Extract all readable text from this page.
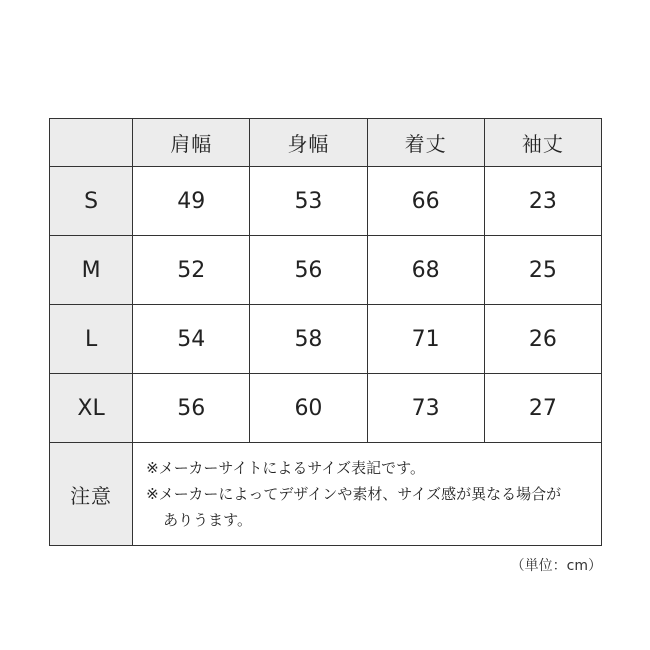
	肩幅	身幅	着丈	袖丈
S	49	53	66	23
M	52	56	68	25
L	54	58	71	26
XL	56	60	73	27
注意	※メーカーサイトによるサイズ表記です。
※メーカーによってデザインや素材、サイズ感が異なる場合が
ありうます。			
（単位：cm）
